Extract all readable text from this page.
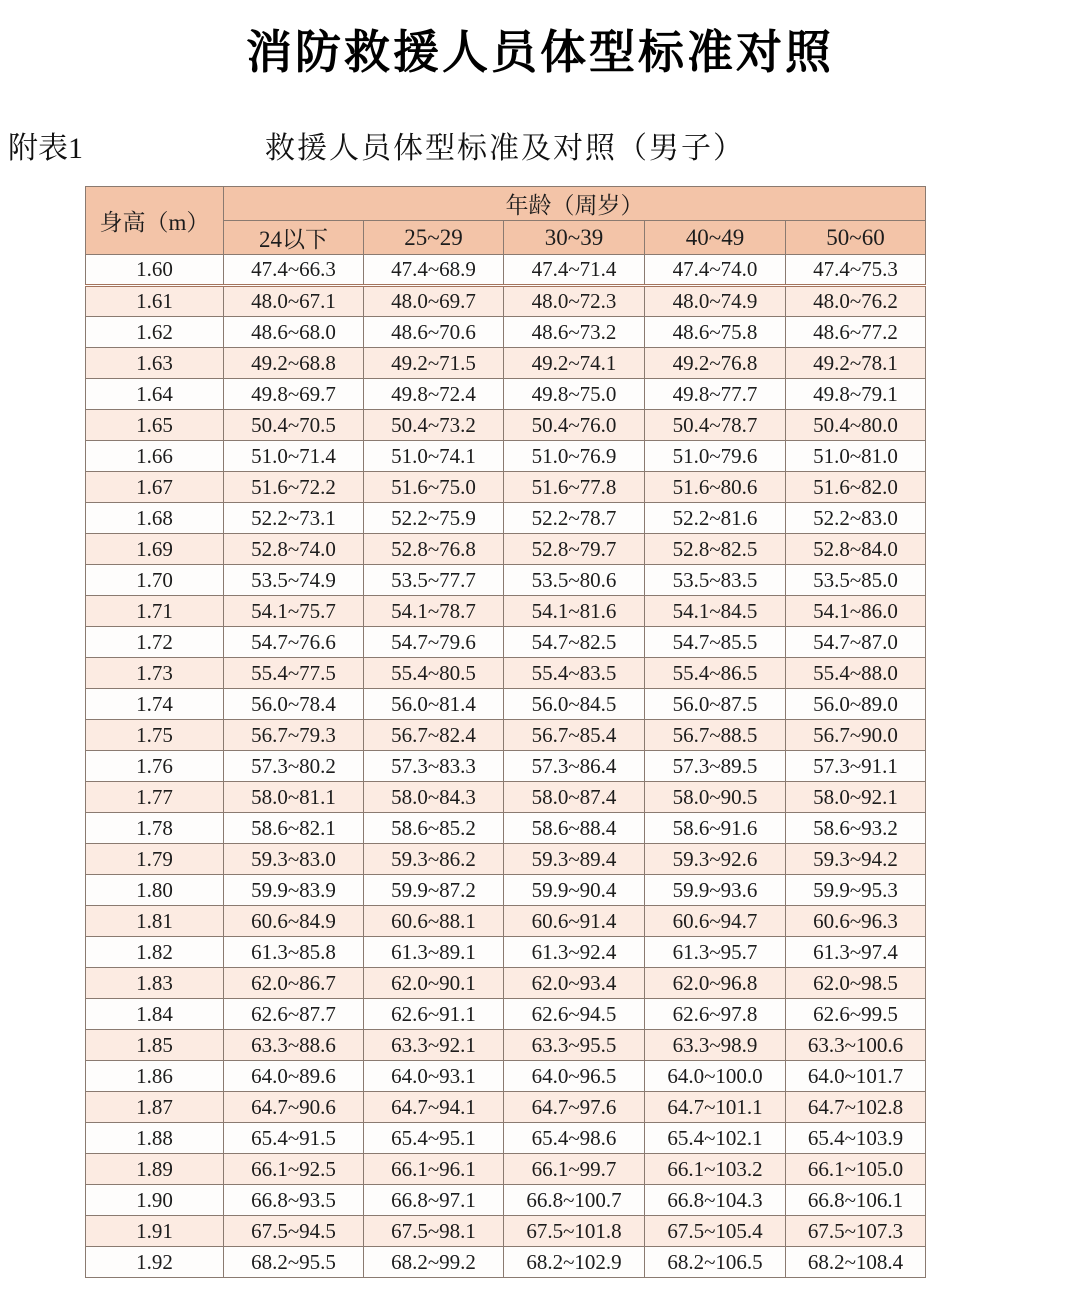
消防救援人员体型标准对照
附表1	救援人员体型标准及对照（男子）
身高（m）	年龄（周岁）				
	24以下	25~29	30~39	40~49	50~60
1.60	47.4~66.3	47.4~68.9	47.4~71.4	47.4~74.0	47.4~75.3
1.61	48.0~67.1	48.0~69.7	48.0~72.3	48.0~74.9	48.0~76.2
1.62	48.6~68.0	48.6~70.6	48.6~73.2	48.6~75.8	48.6~77.2
1.63	49.2~68.8	49.2~71.5	49.2~74.1	49.2~76.8	49.2~78.1
1.64	49.8~69.7	49.8~72.4	49.8~75.0	49.8~77.7	49.8~79.1
1.65	50.4~70.5	50.4~73.2	50.4~76.0	50.4~78.7	50.4~80.0
1.66	51.0~71.4	51.0~74.1	51.0~76.9	51.0~79.6	51.0~81.0
1.67	51.6~72.2	51.6~75.0	51.6~77.8	51.6~80.6	51.6~82.0
1.68	52.2~73.1	52.2~75.9	52.2~78.7	52.2~81.6	52.2~83.0
1.69	52.8~74.0	52.8~76.8	52.8~79.7	52.8~82.5	52.8~84.0
1.70	53.5~74.9	53.5~77.7	53.5~80.6	53.5~83.5	53.5~85.0
1.71	54.1~75.7	54.1~78.7	54.1~81.6	54.1~84.5	54.1~86.0
1.72	54.7~76.6	54.7~79.6	54.7~82.5	54.7~85.5	54.7~87.0
1.73	55.4~77.5	55.4~80.5	55.4~83.5	55.4~86.5	55.4~88.0
1.74	56.0~78.4	56.0~81.4	56.0~84.5	56.0~87.5	56.0~89.0
1.75	56.7~79.3	56.7~82.4	56.7~85.4	56.7~88.5	56.7~90.0
1.76	57.3~80.2	57.3~83.3	57.3~86.4	57.3~89.5	57.3~91.1
1.77	58.0~81.1	58.0~84.3	58.0~87.4	58.0~90.5	58.0~92.1
1.78	58.6~82.1	58.6~85.2	58.6~88.4	58.6~91.6	58.6~93.2
1.79	59.3~83.0	59.3~86.2	59.3~89.4	59.3~92.6	59.3~94.2
1.80	59.9~83.9	59.9~87.2	59.9~90.4	59.9~93.6	59.9~95.3
1.81	60.6~84.9	60.6~88.1	60.6~91.4	60.6~94.7	60.6~96.3
1.82	61.3~85.8	61.3~89.1	61.3~92.4	61.3~95.7	61.3~97.4
1.83	62.0~86.7	62.0~90.1	62.0~93.4	62.0~96.8	62.0~98.5
1.84	62.6~87.7	62.6~91.1	62.6~94.5	62.6~97.8	62.6~99.5
1.85	63.3~88.6	63.3~92.1	63.3~95.5	63.3~98.9	63.3~100.6
1.86	64.0~89.6	64.0~93.1	64.0~96.5	64.0~100.0	64.0~101.7
1.87	64.7~90.6	64.7~94.1	64.7~97.6	64.7~101.1	64.7~102.8
1.88	65.4~91.5	65.4~95.1	65.4~98.6	65.4~102.1	65.4~103.9
1.89	66.1~92.5	66.1~96.1	66.1~99.7	66.1~103.2	66.1~105.0
1.90	66.8~93.5	66.8~97.1	66.8~100.7	66.8~104.3	66.8~106.1
1.91	67.5~94.5	67.5~98.1	67.5~101.8	67.5~105.4	67.5~107.3
1.92	68.2~95.5	68.2~99.2	68.2~102.9	68.2~106.5	68.2~108.4
